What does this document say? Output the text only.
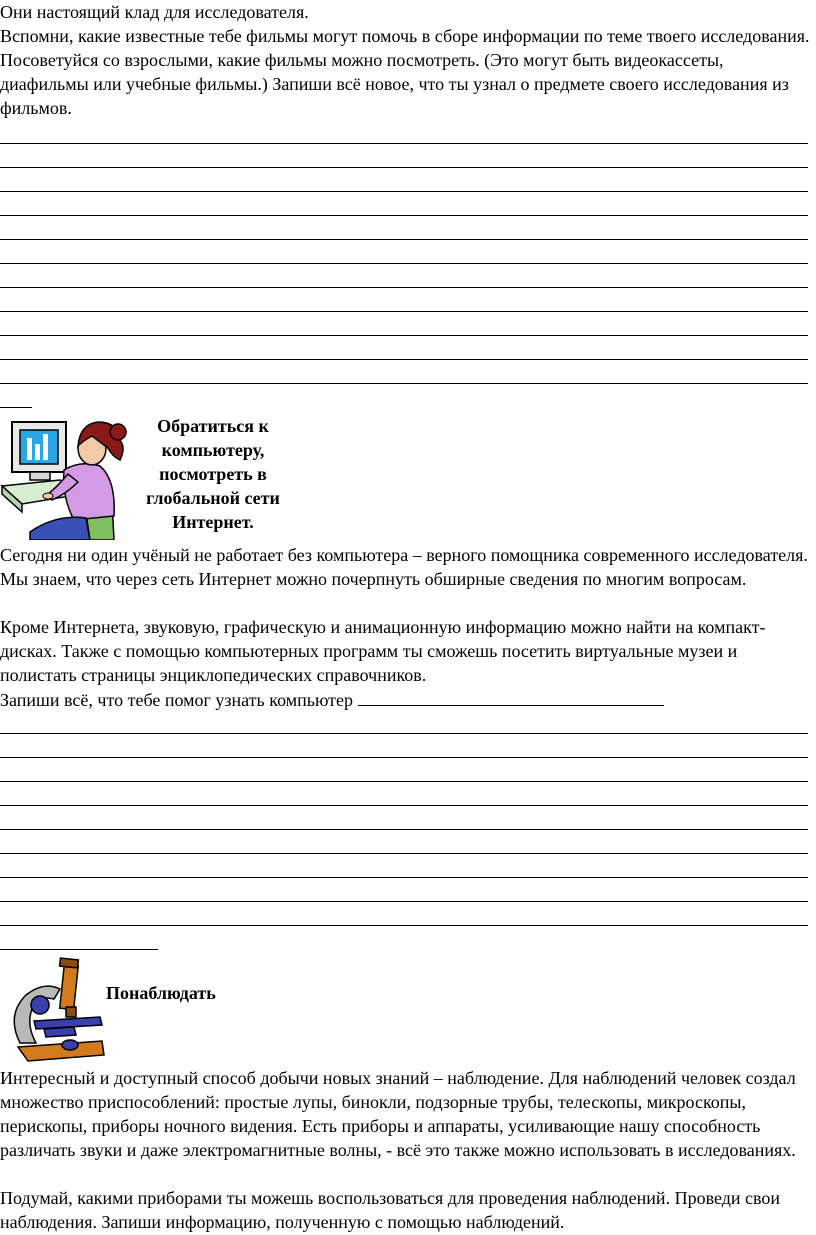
Они настоящий клад для исследователя.

Вспомни, какие известные тебе фильмы могут помочь в сборе информации по теме твоего исследования. Посоветуйся со взрослыми, какие фильмы можно посмотреть. (Это могут быть видеокассеты, диафильмы или учебные фильмы.) Запиши всё новое, что ты узнал о предмете своего исследования из фильмов.

Обратиться к компьютеру, посмотреть в глобальной сети Интернет.

Сегодня ни один учёный не работает без компьютера – верного помощника современного исследователя. Мы знаем, что через сеть Интернет можно почерпнуть обширные сведения по многим вопросам.

Кроме Интернета, звуковую, графическую и анимационную информацию можно найти на компакт-дисках. Также с помощью компьютерных программ ты сможешь посетить виртуальные музеи и полистать страницы энциклопедических справочников.

Запиши всё, что тебе помог узнать компьютер

Понаблюдать

Интересный и доступный способ добычи новых знаний – наблюдение. Для наблюдений человек создал множество приспособлений: простые лупы, бинокли, подзорные трубы, телескопы, микроскопы, перископы, приборы ночного видения. Есть приборы и аппараты, усиливающие нашу способность различать звуки и даже электромагнитные волны, - всё это также можно использовать в исследованиях.

Подумай, какими приборами ты можешь воспользоваться для проведения наблюдений. Проведи свои наблюдения. Запиши информацию, полученную с помощью наблюдений.
